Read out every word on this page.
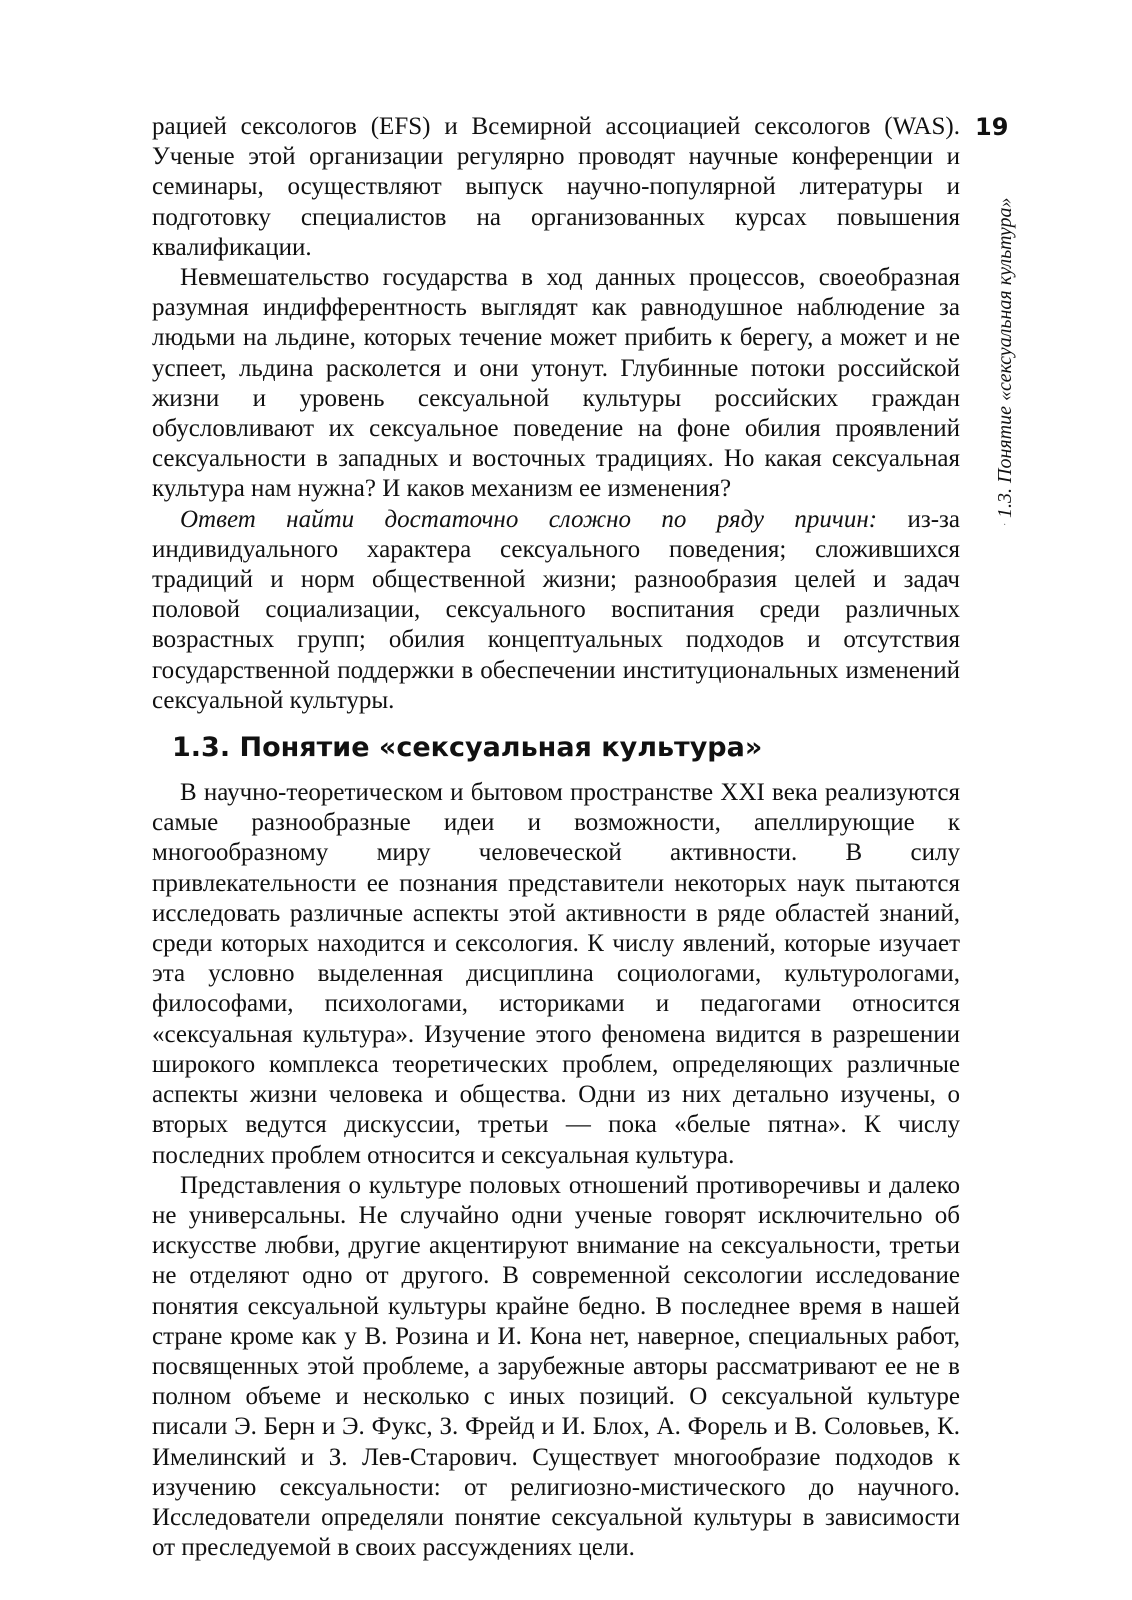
19
1.3. Понятие «сексуальная культура»
·

рацией сексологов (EFS) и Всемирной ассоциацией сексологов (WAS). Ученые этой организации регулярно проводят научные конференции и семинары, осуществляют выпуск научно-популярной литературы и подготовку специалистов на организованных курсах повышения квалификации.

Невмешательство государства в ход данных процессов, своеобразная разумная индифферентность выглядят как равнодушное наблюдение за людьми на льдине, которых течение может прибить к берегу, а может и не успеет, льдина расколется и они утонут. Глубинные потоки российской жизни и уровень сексуальной культуры российских граждан обусловливают их сексуальное поведение на фоне обилия проявлений сексуальности в западных и восточных традициях. Но какая сексуальная культура нам нужна? И каков механизм ее изменения?

Ответ найти достаточно сложно по ряду причин: из-за индивидуального характера сексуального поведения; сложившихся традиций и норм общественной жизни; разнообразия целей и задач половой социализации, сексуального воспитания среди различных возрастных групп; обилия концептуальных подходов и отсутствия государственной поддержки в обеспечении институциональных изменений сексуальной культуры.

1.3. Понятие «сексуальная культура»

В научно-теоретическом и бытовом пространстве XXI века реализуются самые разнообразные идеи и возможности, апеллирующие к многообразному миру человеческой активности. В силу привлекательности ее познания представители некоторых наук пытаются исследовать различные аспекты этой активности в ряде областей знаний, среди которых находится и сексология. К числу явлений, которые изучает эта условно выделенная дисциплина социологами, культурологами, философами, психологами, историками и педагогами относится «сексуальная культура». Изучение этого феномена видится в разрешении широкого комплекса теоретических проблем, определяющих различные аспекты жизни человека и общества. Одни из них детально изучены, о вторых ведутся дискуссии, третьи — пока «белые пятна». К числу последних проблем относится и сексуальная культура.

Представления о культуре половых отношений противоречивы и далеко не универсальны. Не случайно одни ученые говорят исключительно об искусстве любви, другие акцентируют внимание на сексуальности, третьи не отделяют одно от другого. В современной сексологии исследование понятия сексуальной культуры крайне бедно. В последнее время в нашей стране кроме как у В. Розина и И. Кона нет, наверное, специальных работ, посвященных этой проблеме, а зарубежные авторы рассматривают ее не в полном объеме и несколько с иных позиций. О сексуальной культуре писали Э. Берн и Э. Фукс, З. Фрейд и И. Блох, А. Форель и В. Соловьев, К. Имелинский и З. Лев-Старович. Существует многообразие подходов к изучению сексуальности: от религиозно-мистического до научного. Исследователи определяли понятие сексуальной культуры в зависимости от преследуемой в своих рассуждениях цели.
